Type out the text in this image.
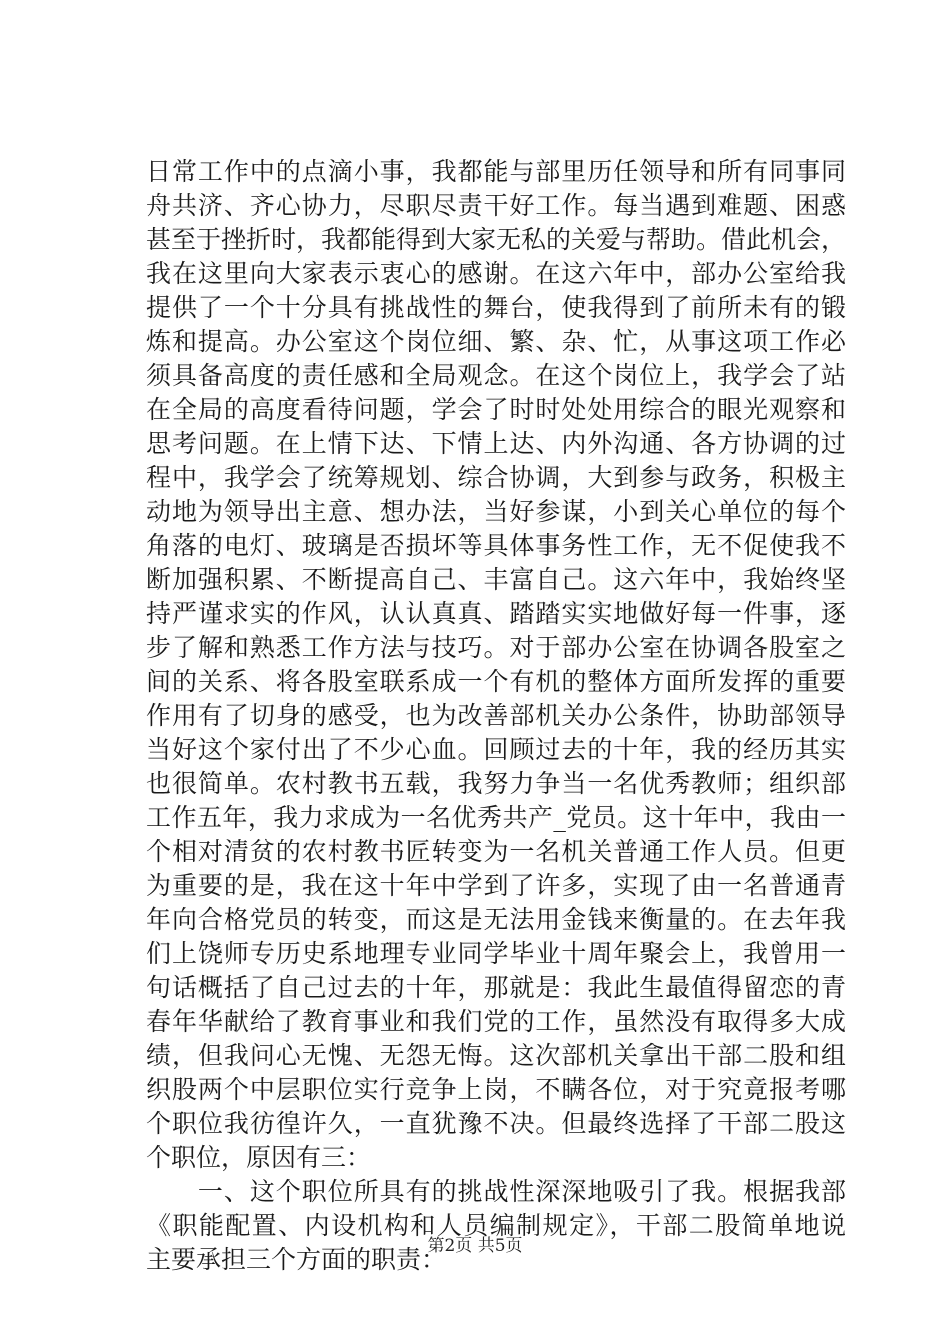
日常工作中的点滴小事，我都能与部里历任领导和所有同事同
舟共济、齐心协力，尽职尽责干好工作。每当遇到难题、困惑
甚至于挫折时，我都能得到大家无私的关爱与帮助。借此机会，
我在这里向大家表示衷心的感谢。在这六年中，部办公室给我
提供了一个十分具有挑战性的舞台，使我得到了前所未有的锻
炼和提高。办公室这个岗位细、繁、杂、忙，从事这项工作必
须具备高度的责任感和全局观念。在这个岗位上，我学会了站
在全局的高度看待问题，学会了时时处处用综合的眼光观察和
思考问题。在上情下达、下情上达、内外沟通、各方协调的过
程中，我学会了统筹规划、综合协调，大到参与政务，积极主
动地为领导出主意、想办法，当好参谋，小到关心单位的每个
角落的电灯、玻璃是否损坏等具体事务性工作，无不促使我不
断加强积累、不断提高自己、丰富自己。这六年中，我始终坚
持严谨求实的作风，认认真真、踏踏实实地做好每一件事，逐
步了解和熟悉工作方法与技巧。对于部办公室在协调各股室之
间的关系、将各股室联系成一个有机的整体方面所发挥的重要
作用有了切身的感受，也为改善部机关办公条件，协助部领导
当好这个家付出了不少心血。回顾过去的十年，我的经历其实
也很简单。农村教书五载，我努力争当一名优秀教师；组织部
工作五年，我力求成为一名优秀共产_党员。这十年中，我由一
个相对清贫的农村教书匠转变为一名机关普通工作人员。但更
为重要的是，我在这十年中学到了许多，实现了由一名普通青
年向合格党员的转变，而这是无法用金钱来衡量的。在去年我
们上饶师专历史系地理专业同学毕业十周年聚会上，我曾用一
句话概括了自己过去的十年，那就是：我此生最值得留恋的青
春年华献给了教育事业和我们党的工作，虽然没有取得多大成
绩，但我问心无愧、无怨无悔。这次部机关拿出干部二股和组
织股两个中层职位实行竞争上岗，不瞒各位，对于究竟报考哪
个职位我彷徨许久，一直犹豫不决。但最终选择了干部二股这
个职位，原因有三：
　　一、这个职位所具有的挑战性深深地吸引了我。根据我部
《职能配置、内设机构和人员编制规定》，干部二股简单地说
主要承担三个方面的职责：
第2页 共5页
